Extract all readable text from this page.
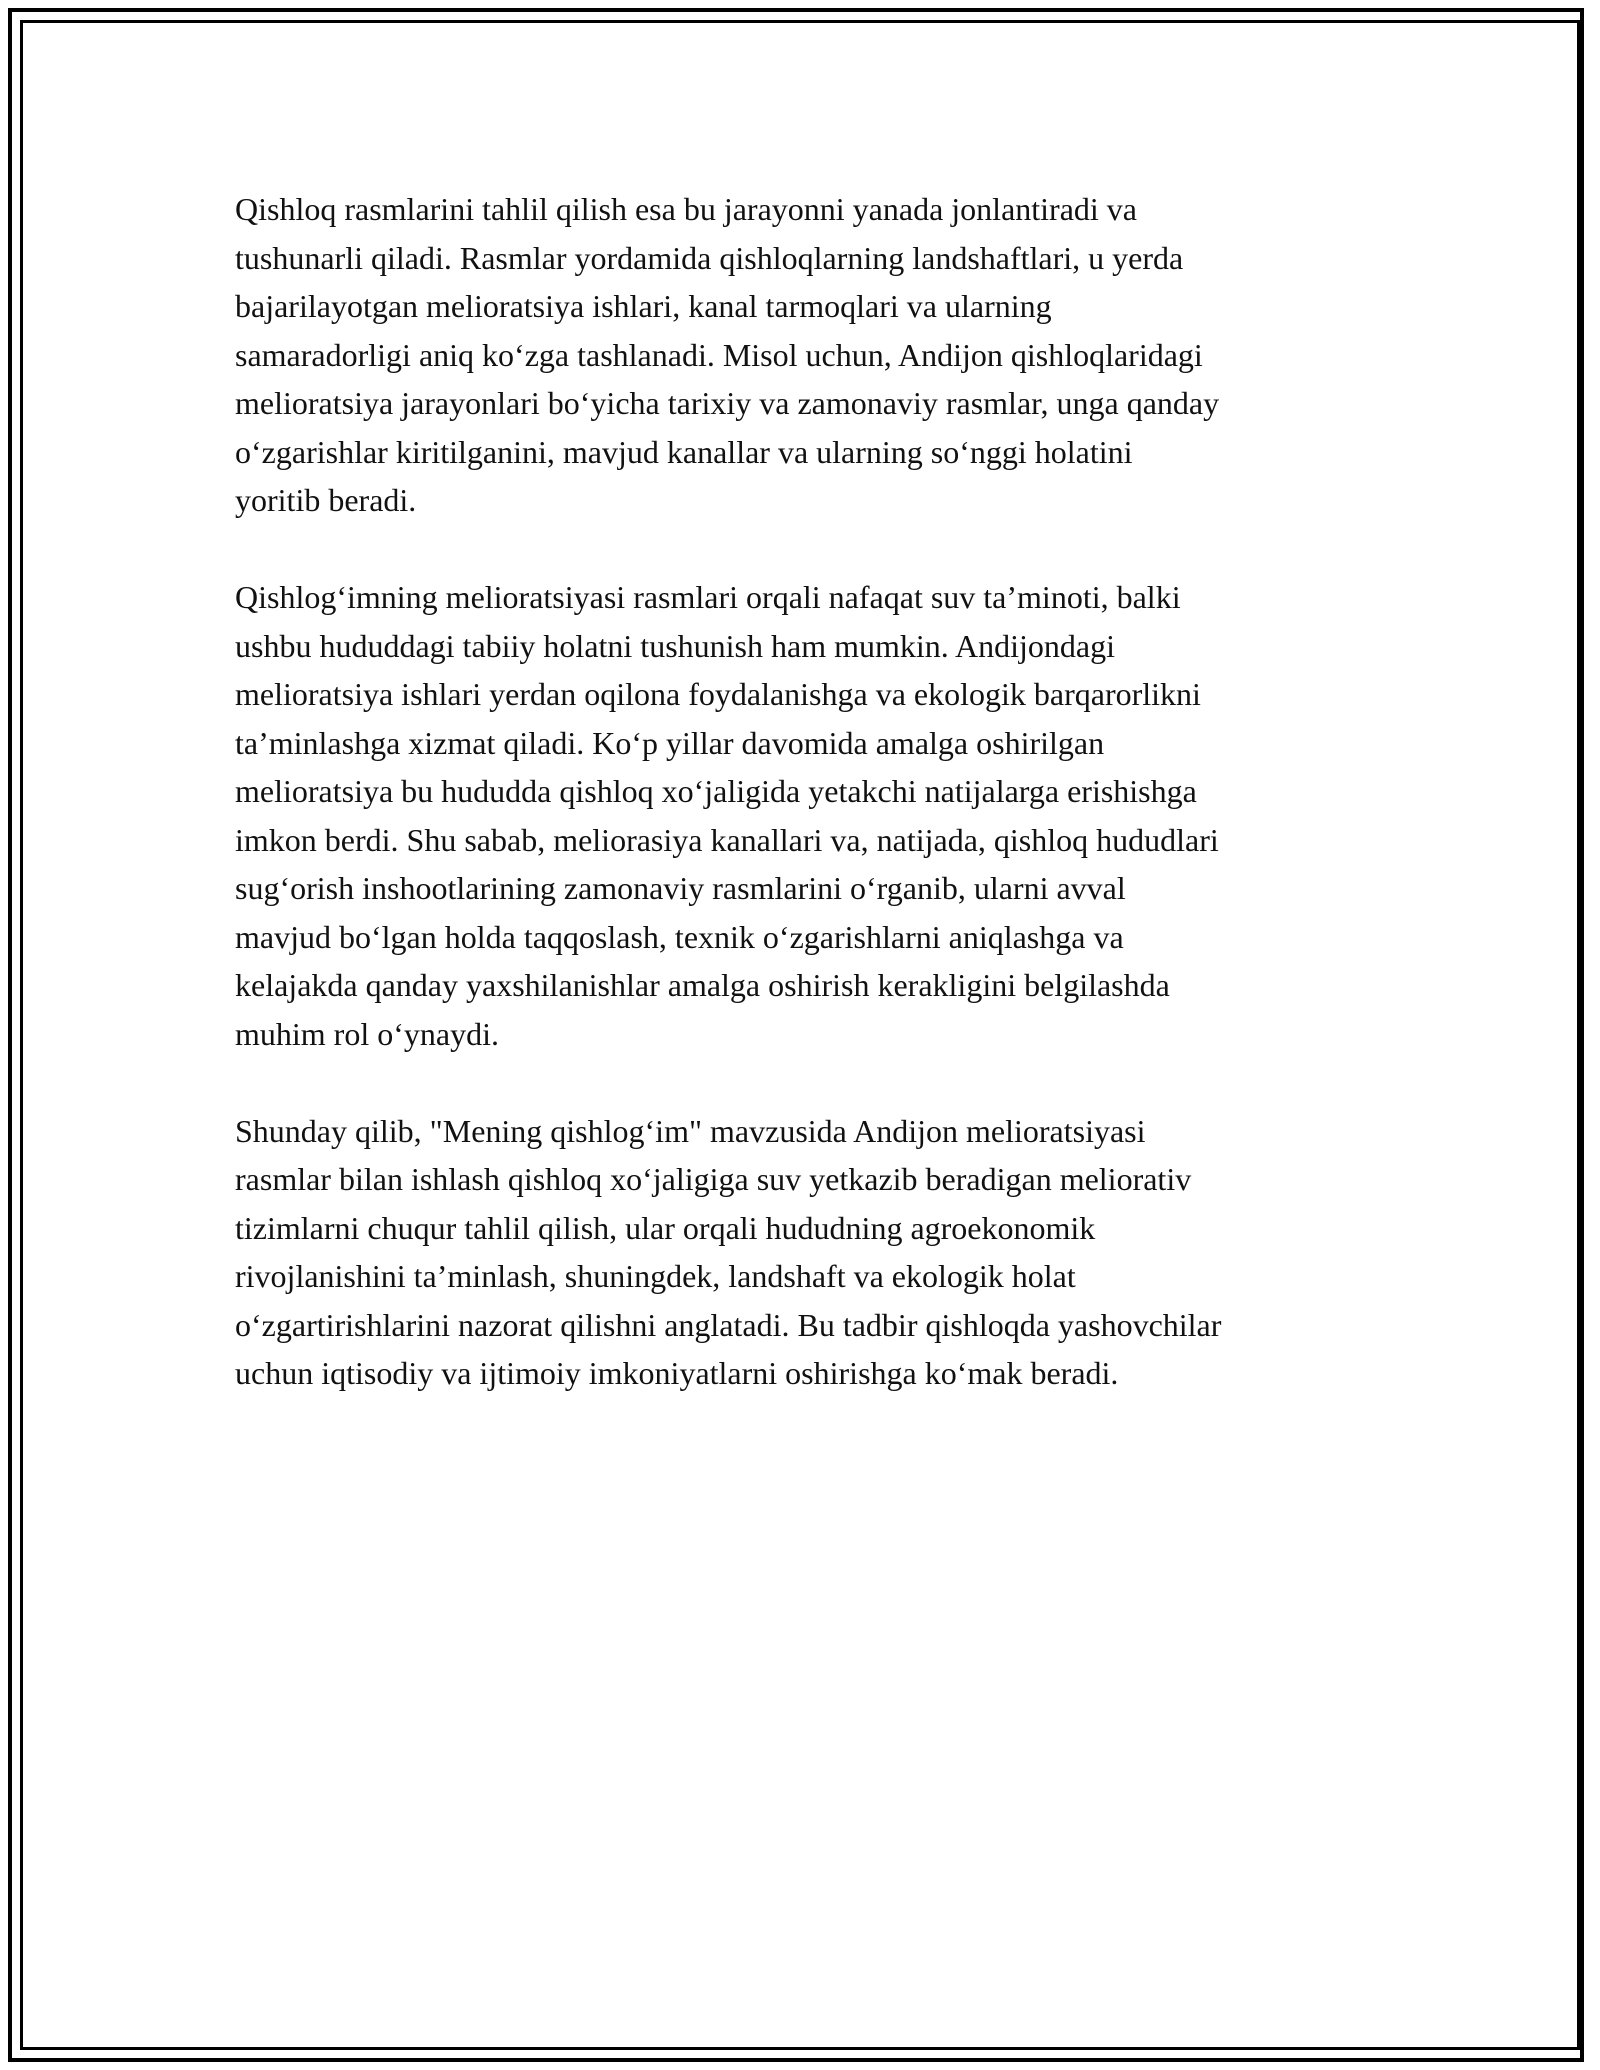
Qishloq rasmlarini tahlil qilish esa bu jarayonni yanada jonlantiradi va
tushunarli qiladi. Rasmlar yordamida qishloqlarning landshaftlari, u yerda
bajarilayotgan melioratsiya ishlari, kanal tarmoqlari va ularning
samaradorligi aniq koʻzga tashlanadi. Misol uchun, Andijon qishloqlaridagi
melioratsiya jarayonlari boʻyicha tarixiy va zamonaviy rasmlar, unga qanday
oʻzgarishlar kiritilganini, mavjud kanallar va ularning soʻnggi holatini
yoritib beradi.

Qishlogʻimning melioratsiyasi rasmlari orqali nafaqat suv taʼminoti, balki
ushbu hududdagi tabiiy holatni tushunish ham mumkin. Andijondagi
melioratsiya ishlari yerdan oqilona foydalanishga va ekologik barqarorlikni
taʼminlashga xizmat qiladi. Koʻp yillar davomida amalga oshirilgan
melioratsiya bu hududda qishloq xoʻjaligida yetakchi natijalarga erishishga
imkon berdi. Shu sabab, meliorasiya kanallari va, natijada, qishloq hududlari
sugʻorish inshootlarining zamonaviy rasmlarini oʻrganib, ularni avval
mavjud boʻlgan holda taqqoslash, texnik oʻzgarishlarni aniqlashga va
kelajakda qanday yaxshilanishlar amalga oshirish kerakligini belgilashda
muhim rol oʻynaydi.

Shunday qilib, "Mening qishlogʻim" mavzusida Andijon melioratsiyasi
rasmlar bilan ishlash qishloq xoʻjaligiga suv yetkazib beradigan meliorativ
tizimlarni chuqur tahlil qilish, ular orqali hududning agroekonomik
rivojlanishini taʼminlash, shuningdek, landshaft va ekologik holat
oʻzgartirishlarini nazorat qilishni anglatadi. Bu tadbir qishloqda yashovchilar
uchun iqtisodiy va ijtimoiy imkoniyatlarni oshirishga koʻmak beradi.
